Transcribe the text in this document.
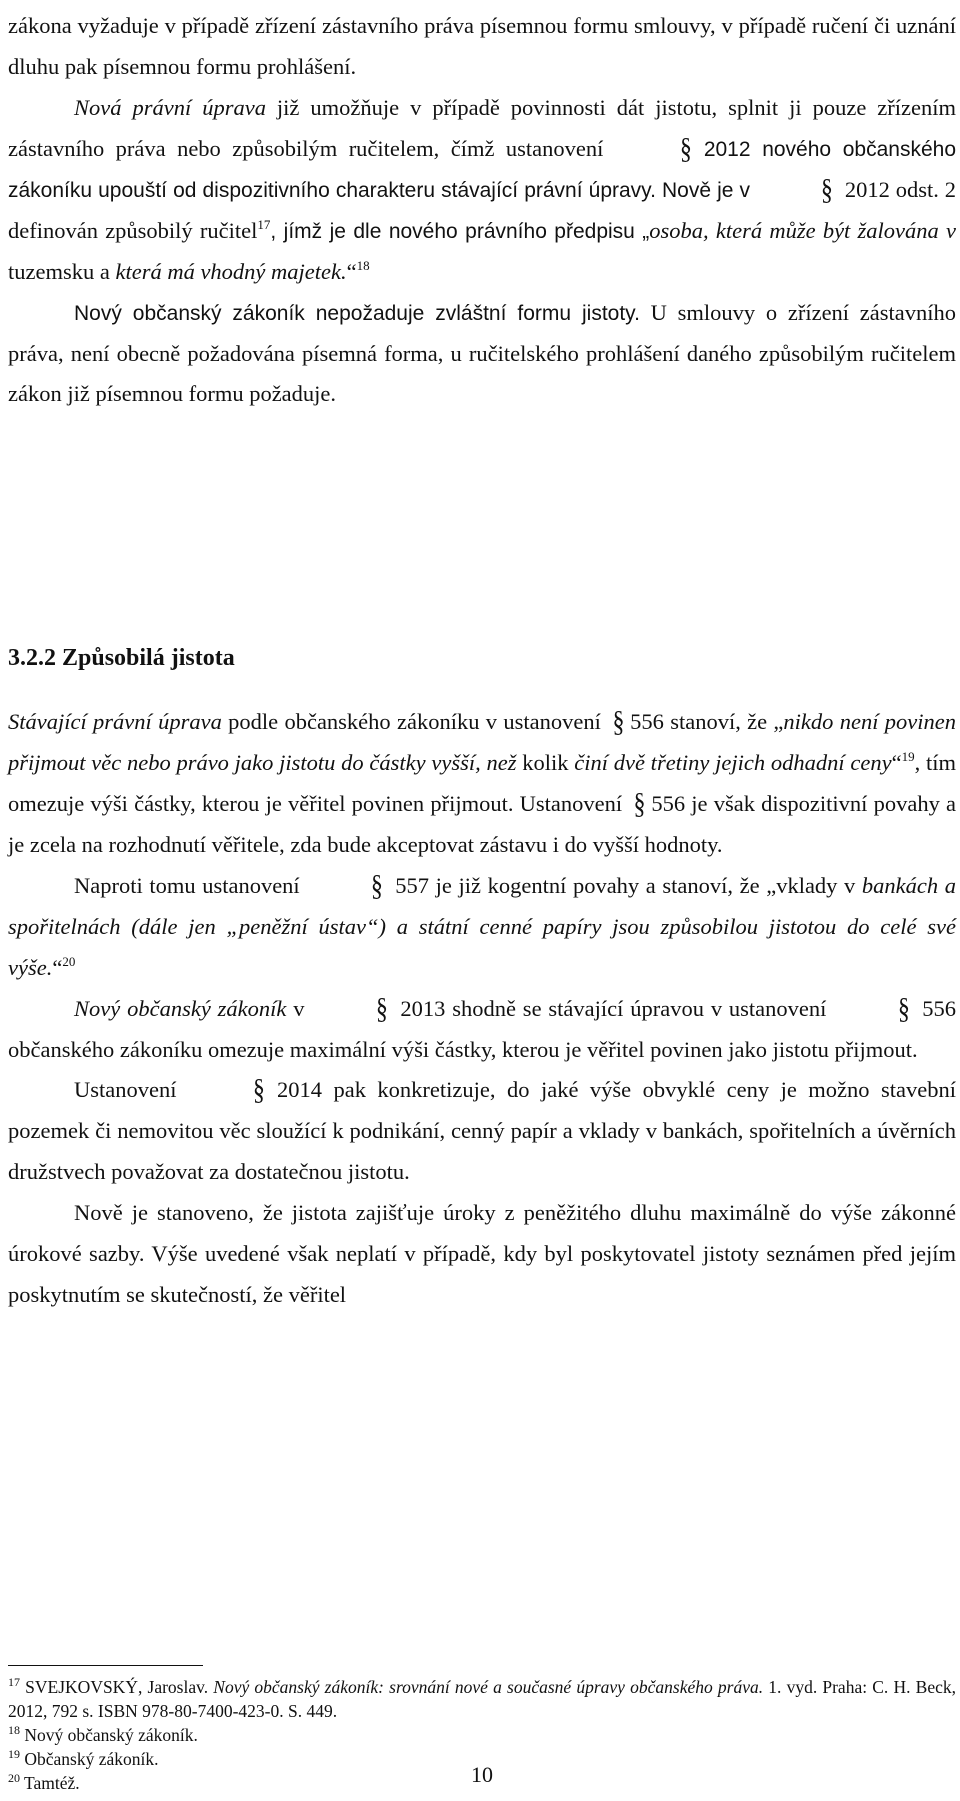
zákona vyžaduje v případě zřízení zástavního práva písemnou formu smlouvy, v případě ručení či uznání dluhu pak písemnou formu prohlášení.

Nová právní úprava již umožňuje v případě povinnosti dát jistotu, splnit ji pouze zřízením zástavního práva nebo způsobilým ručitelem, čímž ustanovení	§ 2012 nového občanského zákoníku upouští od dispozitivního charakteru stávající právní úpravy. Nově je v § 2012 odst. 2 definován způsobilý ručitel$^{17}$, jímž je dle nového právního předpisu „osoba, která může být žalována v tuzemsku a která má vhodný majetek.“$^{18}$

Nový občanský zákoník nepožaduje zvláštní formu jistoty. U smlouvy o zřízení zástavního práva, není obecně požadována písemná forma, u ručitelského prohlášení daného způsobilým ručitelem zákon již písemnou formu požaduje.

3.2.2 Způsobilá jistota

Stávající právní úprava podle občanského zákoníku v ustanovení § 556 stanoví, že „nikdo není povinen přijmout věc nebo právo jako jistotu do částky vyšší, než kolik činí dvě třetiny jejich odhadní ceny“$^{19}$, tím omezuje výši částky, kterou je věřitel povinen přijmout. Ustanovení § 556 je však dispozitivní povahy a je zcela na rozhodnutí věřitele, zda bude akceptovat zástavu i do vyšší hodnoty.

Naproti tomu ustanovení § 557 je již kogentní povahy a stanoví, že „vklady v bankách a spořitelnách (dále jen „peněžní ústav“) a státní cenné papíry jsou způsobilou jistotou do celé své výše.“$^{20}$

Nový občanský zákoník v § 2013 shodně se stávající úpravou v ustanovení § 556 občanského zákoníku omezuje maximální výši částky, kterou je věřitel povinen jako jistotu přijmout.

Ustanovení	§ 2014 pak konkretizuje, do jaké výše obvyklé ceny je možno stavební pozemek či nemovitou věc sloužící k podnikání, cenný papír a vklady v bankách, spořitelních a úvěrních družstvech považovat za dostatečnou jistotu.

Nově je stanoveno, že jistota zajišťuje úroky z peněžitého dluhu maximálně do výše zákonné úrokové sazby. Výše uvedené však neplatí v případě, kdy byl poskytovatel jistoty seznámen před jejím poskytnutím se skutečností, že věřitel

$^{17}$ SVEJKOVSKÝ, Jaroslav. Nový občanský zákoník: srovnání nové a současné úpravy občanského práva. 1. vyd. Praha: C. H. Beck, 2012, 792 s. ISBN 978-80-7400-423-0. S. 449.

$^{18}$ Nový občanský zákoník.

$^{19}$ Občanský zákoník.

$^{20}$ Tamtéž.	10
